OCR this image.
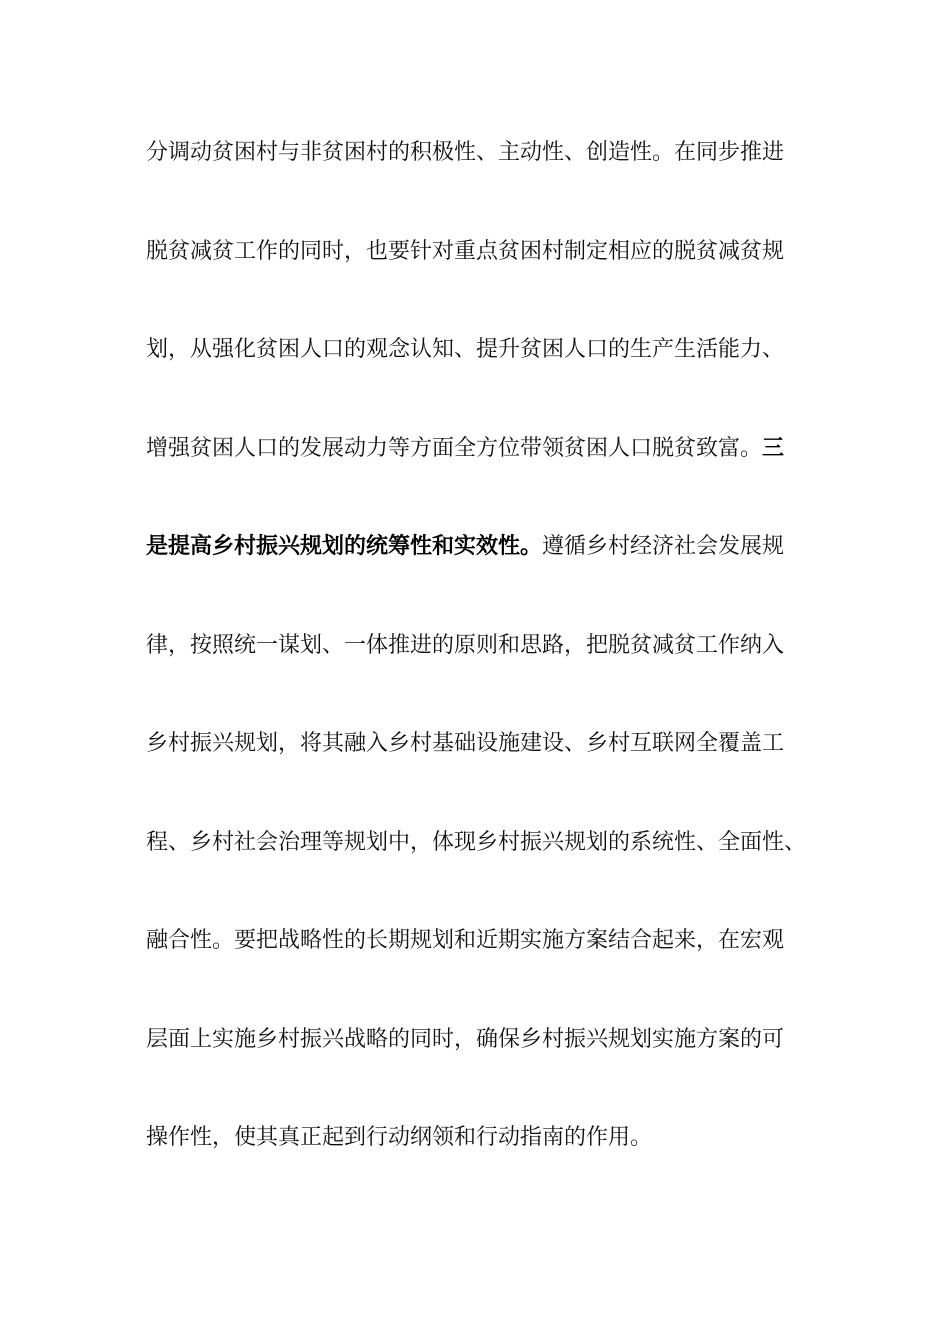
分调动贫困村与非贫困村的积极性、主动性、创造性。在同步推进
脱贫减贫工作的同时，也要针对重点贫困村制定相应的脱贫减贫规
划，从强化贫困人口的观念认知、提升贫困人口的生产生活能力、
增强贫困人口的发展动力等方面全方位带领贫困人口脱贫致富。三
是提高乡村振兴规划的统筹性和实效性。遵循乡村经济社会发展规
律，按照统一谋划、一体推进的原则和思路，把脱贫减贫工作纳入
乡村振兴规划，将其融入乡村基础设施建设、乡村互联网全覆盖工
程、乡村社会治理等规划中，体现乡村振兴规划的系统性、全面性、
融合性。要把战略性的长期规划和近期实施方案结合起来，在宏观
层面上实施乡村振兴战略的同时，确保乡村振兴规划实施方案的可
操作性，使其真正起到行动纲领和行动指南的作用。
